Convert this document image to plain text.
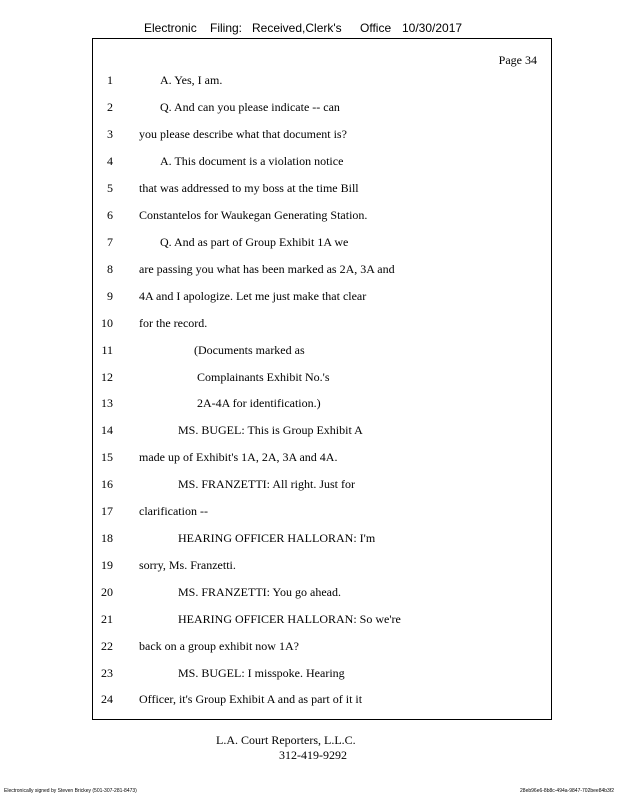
Electronic Filing: Received,Clerk's Office 10/30/2017
Page 34
1	A. Yes, I am.
2	Q. And can you please indicate -- can
3 you please describe what that document is?
4	A. This document is a violation notice
5 that was addressed to my boss at the time Bill
6 Constantelos for Waukegan Generating Station.
7	Q. And as part of Group Exhibit 1A we
8 are passing you what has been marked as 2A, 3A and
9 4A and I apologize. Let me just make that clear
10 for the record.
11	(Documents marked as
12	Complainants Exhibit No.'s
13	2A-4A for identification.)
14	MS. BUGEL: This is Group Exhibit A
15 made up of Exhibit's 1A, 2A, 3A and 4A.
16	MS. FRANZETTI: All right. Just for
17 clarification --
18	HEARING OFFICER HALLORAN: I'm
19 sorry, Ms. Franzetti.
20	MS. FRANZETTI: You go ahead.
21	HEARING OFFICER HALLORAN: So we're
22 back on a group exhibit now 1A?
23	MS. BUGEL: I misspoke. Hearing
24 Officer, it's Group Exhibit A and as part of it it
L.A. Court Reporters, L.L.C.
312-419-9292
Electronically signed by Steven Brickey (501-307-281-8473)	28eb96e6-8b8c-494a-9847-702bee84b3f2
